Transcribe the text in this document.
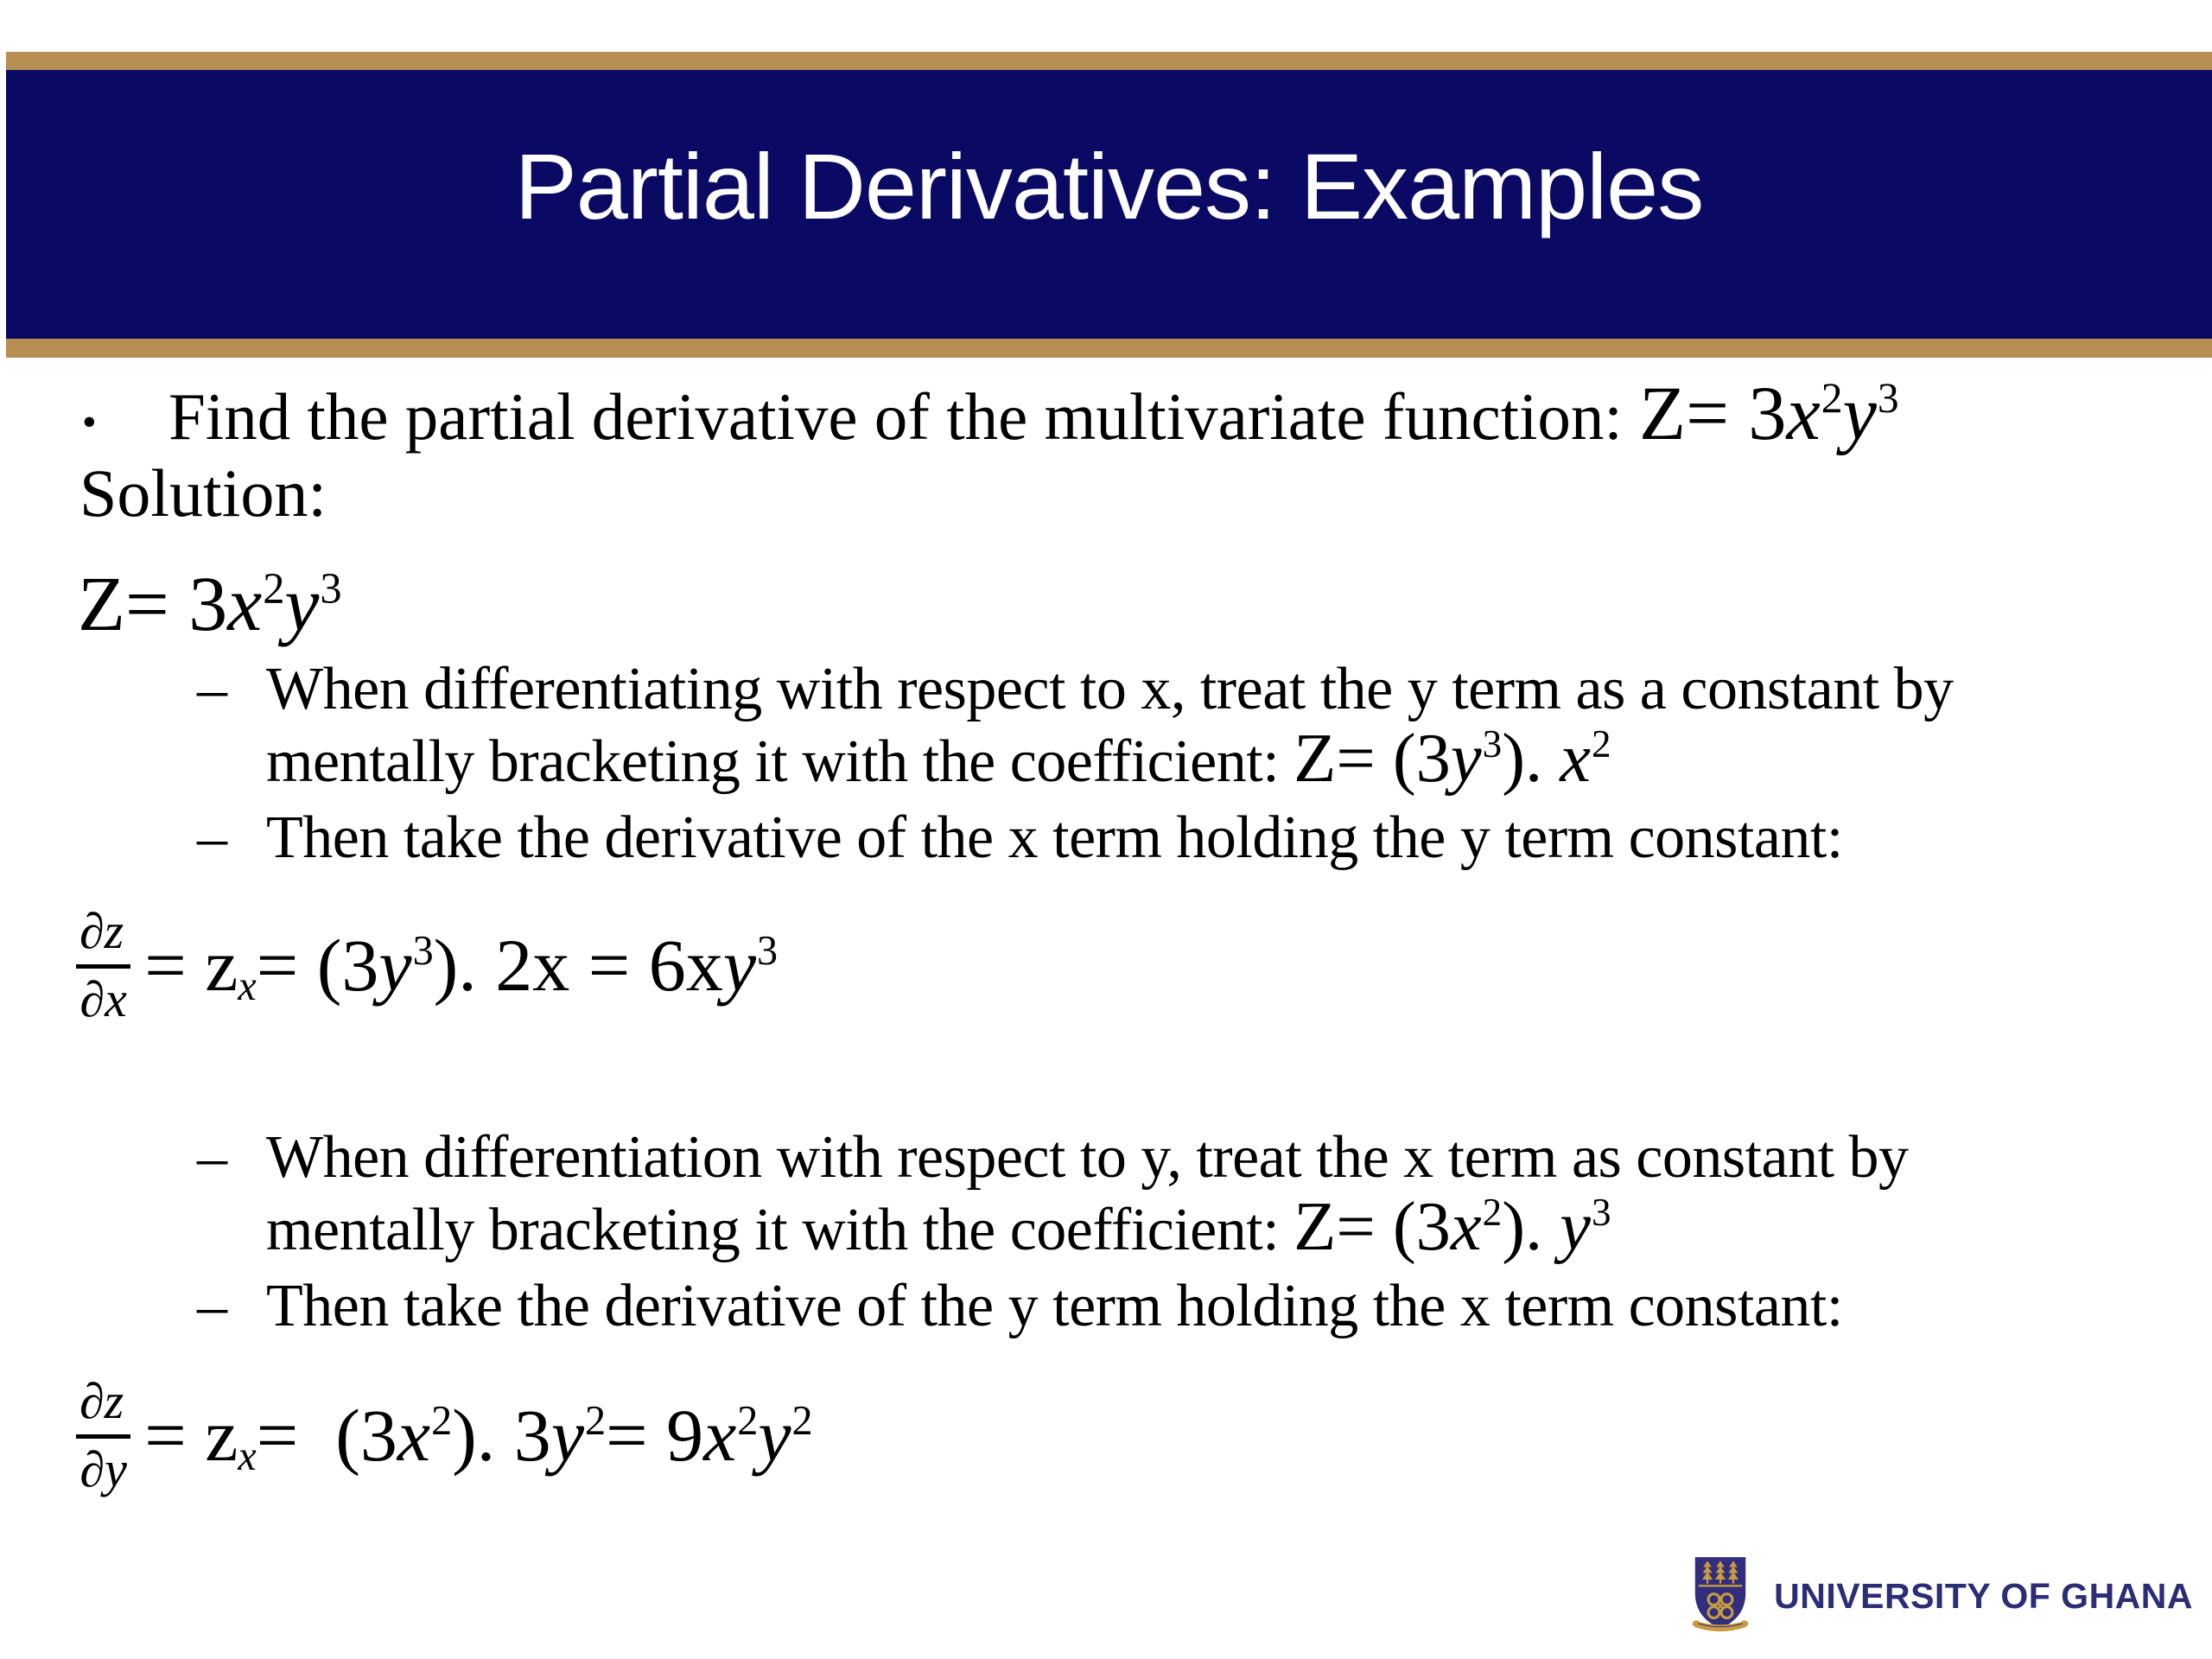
Partial Derivatives: Examples
• Find the partial derivative of the multivariate function: $Z= 3x^2y^3$
Solution:
$Z= 3x^2y^3$
– When differentiating with respect to x, treat the y term as a constant by
mentally bracketing it with the coefficient: $Z= (3y^3)$. $x^2$
– Then take the derivative of the x term holding the y term constant:
$\frac{\partial z}{\partial x} = zx= (3y^3)$. $2x = 6xy^3$
– When differentiation with respect to y, treat the x term as constant by
mentally bracketing it with the coefficient: $Z= (3x^2)$. $y^3$
– Then take the derivative of the y term holding the x term constant:
$\frac{\partial z}{\partial y} = zx= (3x^2)$. $3y^2= 9x^2y^2$
UNIVERSITY OF GHANA
